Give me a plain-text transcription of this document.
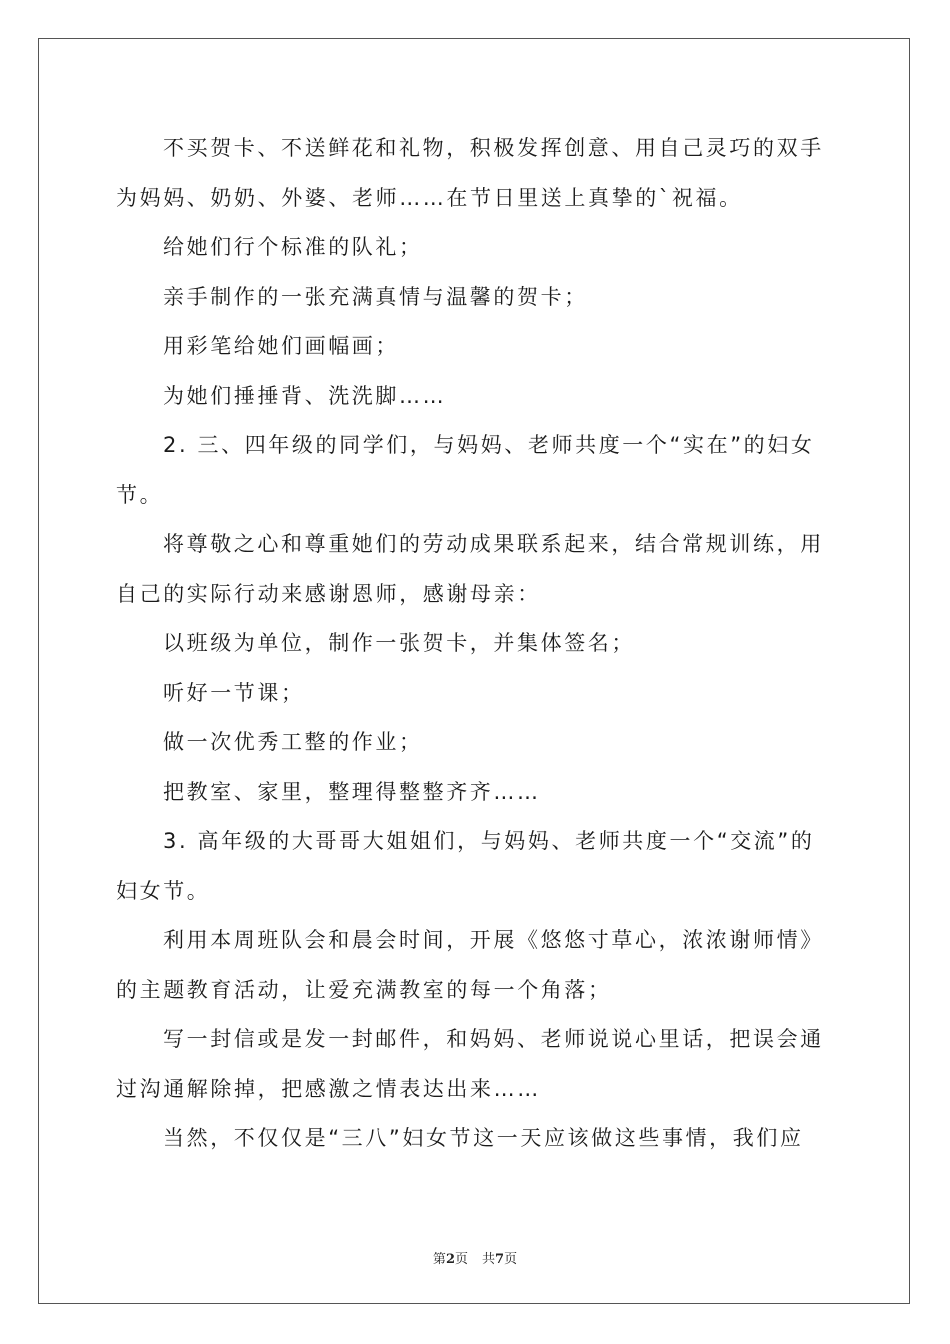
不买贺卡、不送鲜花和礼物，积极发挥创意、用自己灵巧的双手为妈妈、奶奶、外婆、老师……在节日里送上真挚的`祝福。

给她们行个标准的队礼；

亲手制作的一张充满真情与温馨的贺卡；

用彩笔给她们画幅画；

为她们捶捶背、洗洗脚……

2. 三、四年级的同学们，与妈妈、老师共度一个“实在”的妇女节。

将尊敬之心和尊重她们的劳动成果联系起来，结合常规训练，用自己的实际行动来感谢恩师，感谢母亲：

以班级为单位，制作一张贺卡，并集体签名；

听好一节课；

做一次优秀工整的作业；

把教室、家里，整理得整整齐齐……

3. 高年级的大哥哥大姐姐们，与妈妈、老师共度一个“交流”的妇女节。

利用本周班队会和晨会时间，开展《悠悠寸草心，浓浓谢师情》的主题教育活动，让爱充满教室的每一个角落；

写一封信或是发一封邮件，和妈妈、老师说说心里话，把误会通过沟通解除掉，把感激之情表达出来……

当然，不仅仅是“三八”妇女节这一天应该做这些事情，我们应

第2页 共7页
